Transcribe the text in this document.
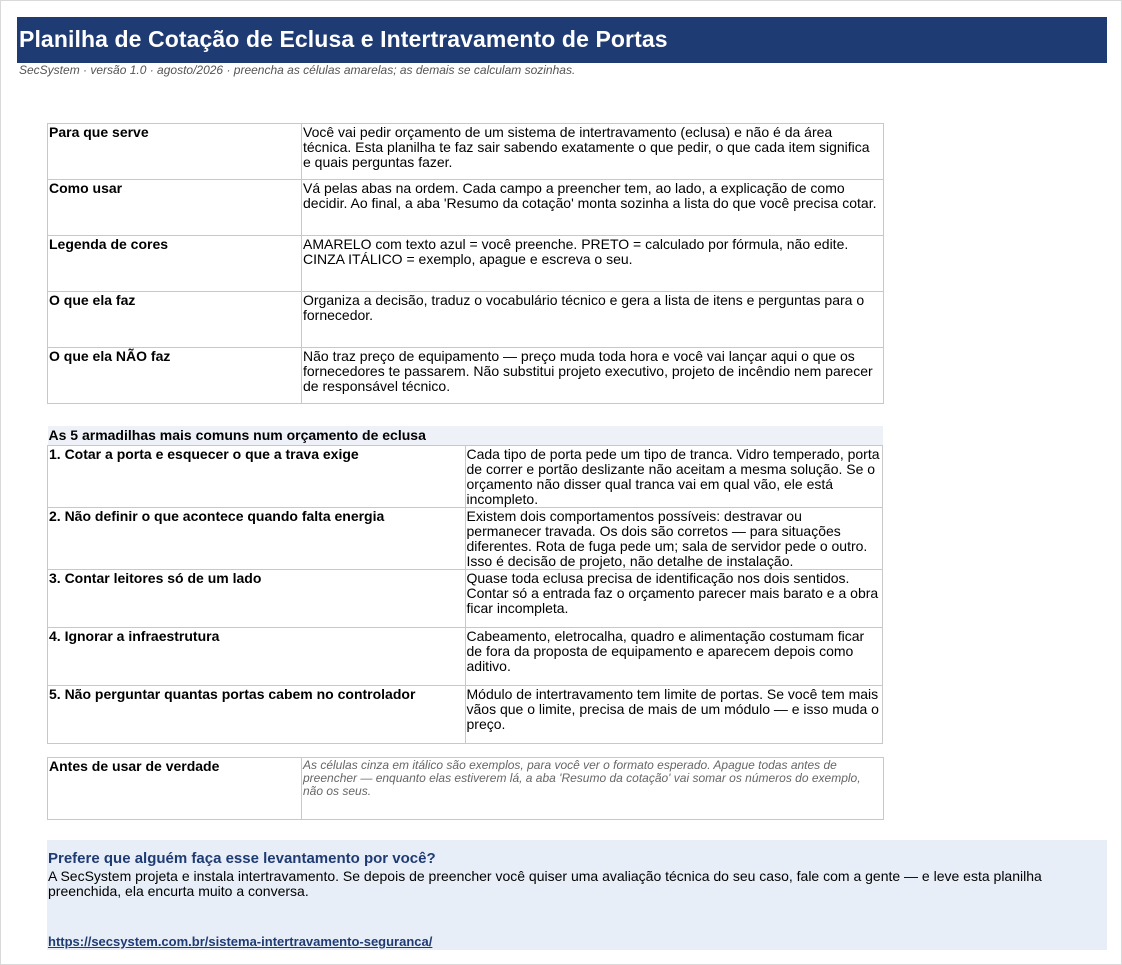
Planilha de Cotação de Eclusa e Intertravamento de Portas
SecSystem · versão 1.0 · agosto/2026 · preencha as células amarelas; as demais se calculam sozinhas.
Para que serve	Você vai pedir orçamento de um sistema de intertravamento (eclusa) e não é da área técnica. Esta planilha te faz sair sabendo exatamente o que pedir, o que cada item significa e quais perguntas fazer.
Como usar	Vá pelas abas na ordem. Cada campo a preencher tem, ao lado, a explicação de como decidir. Ao final, a aba 'Resumo da cotação' monta sozinha a lista do que você precisa cotar.
Legenda de cores	AMARELO com texto azul = você preenche. PRETO = calculado por fórmula, não edite. CINZA ITÁLICO = exemplo, apague e escreva o seu.
O que ela faz	Organiza a decisão, traduz o vocabulário técnico e gera a lista de itens e perguntas para o fornecedor.
O que ela NÃO faz	Não traz preço de equipamento — preço muda toda hora e você vai lançar aqui o que os fornecedores te passarem. Não substitui projeto executivo, projeto de incêndio nem parecer de responsável técnico.
As 5 armadilhas mais comuns num orçamento de eclusa	
1. Cotar a porta e esquecer o que a trava exige	Cada tipo de porta pede um tipo de tranca. Vidro temperado, porta de correr e portão deslizante não aceitam a mesma solução. Se o orçamento não disser qual tranca vai em qual vão, ele está incompleto.
2. Não definir o que acontece quando falta energia	Existem dois comportamentos possíveis: destravar ou permanecer travada. Os dois são corretos — para situações diferentes. Rota de fuga pede um; sala de servidor pede o outro. Isso é decisão de projeto, não detalhe de instalação.
3. Contar leitores só de um lado	Quase toda eclusa precisa de identificação nos dois sentidos. Contar só a entrada faz o orçamento parecer mais barato e a obra ficar incompleta.
4. Ignorar a infraestrutura	Cabeamento, eletrocalha, quadro e alimentação costumam ficar de fora da proposta de equipamento e aparecem depois como aditivo.
5. Não perguntar quantas portas cabem no controlador	Módulo de intertravamento tem limite de portas. Se você tem mais vãos que o limite, precisa de mais de um módulo — e isso muda o preço.
Antes de usar de verdade	As células cinza em itálico são exemplos, para você ver o formato esperado. Apague todas antes de preencher — enquanto elas estiverem lá, a aba 'Resumo da cotação' vai somar os números do exemplo, não os seus.
Prefere que alguém faça esse levantamento por você?
A SecSystem projeta e instala intertravamento. Se depois de preencher você quiser uma avaliação técnica do seu caso, fale com a gente — e leve esta planilha preenchida, ela encurta muito a conversa.
https://secsystem.com.br/sistema-intertravamento-seguranca/
